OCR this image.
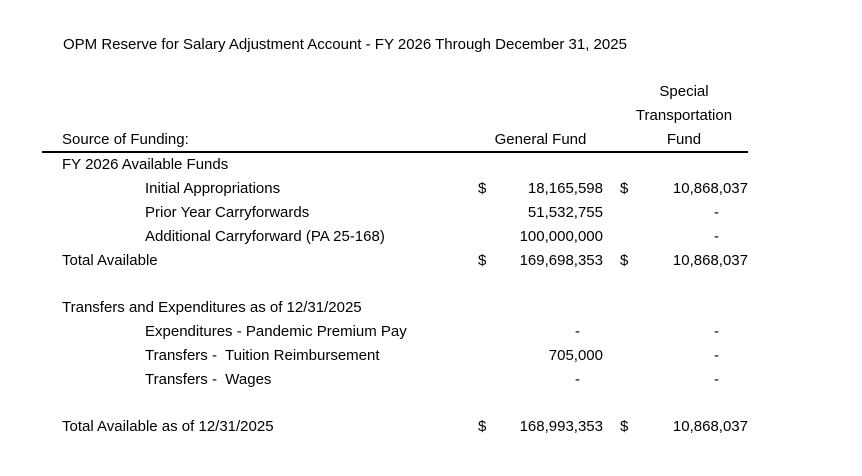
OPM Reserve for Salary Adjustment Account - FY 2026 Through December 31, 2025
Source of Funding:	General Fund
Special
Transportation
Fund
FY 2026 Available Funds
Initial Appropriations	$	18,165,598 $	10,868,037
Prior Year Carryforwards	51,532,755	-
Additional Carryforward (PA 25-168)	100,000,000	-
Total Available	$	169,698,353 $	10,868,037
Transfers and Expenditures as of 12/31/2025
Expenditures - Pandemic Premium Pay	-	-
Transfers -  Tuition Reimbursement	705,000	-
Transfers -  Wages	-	-
Total Available as of 12/31/2025	$	168,993,353 $	10,868,037
